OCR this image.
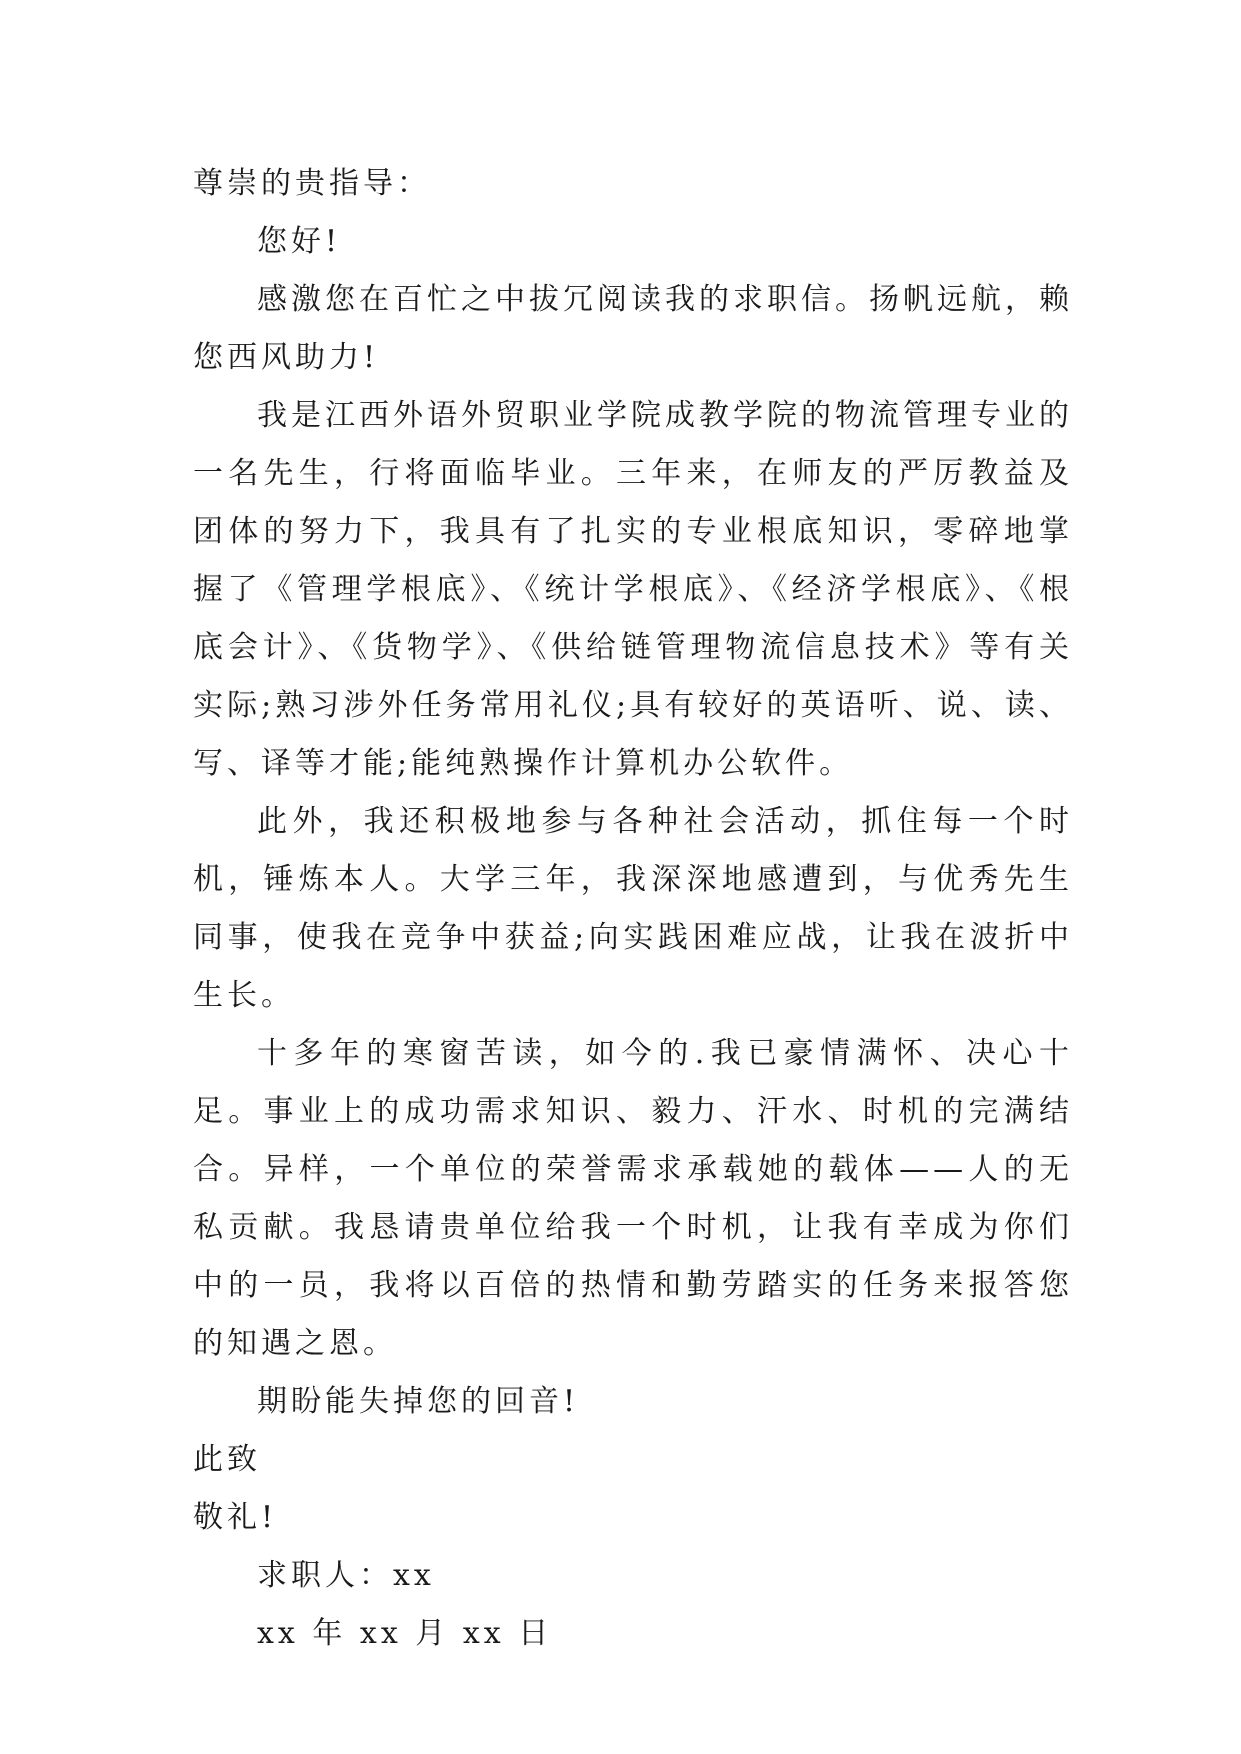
尊崇的贵指导：

您好!

感激您在百忙之中拔冗阅读我的求职信。扬帆远航，赖您西风助力!

我是江西外语外贸职业学院成教学院的物流管理专业的一名先生，行将面临毕业。三年来，在师友的严厉教益及团体的努力下，我具有了扎实的专业根底知识，零碎地掌握了《管理学根底》、《统计学根底》、《经济学根底》、《根底会计》、《货物学》、《供给链管理物流信息技术》等有关实际;熟习涉外任务常用礼仪;具有较好的英语听、说、读、写、译等才能;能纯熟操作计算机办公软件。

此外，我还积极地参与各种社会活动，抓住每一个时机，锤炼本人。大学三年，我深深地感遭到，与优秀先生同事，使我在竞争中获益;向实践困难应战，让我在波折中生长。

十多年的寒窗苦读，如今的.我已豪情满怀、决心十足。事业上的成功需求知识、毅力、汗水、时机的完满结合。异样，一个单位的荣誉需求承载她的载体——人的无私贡献。我恳请贵单位给我一个时机，让我有幸成为你们中的一员，我将以百倍的热情和勤劳踏实的任务来报答您的知遇之恩。

期盼能失掉您的回音!

此致

敬礼!

求职人：xx

xx 年 xx 月 xx 日
